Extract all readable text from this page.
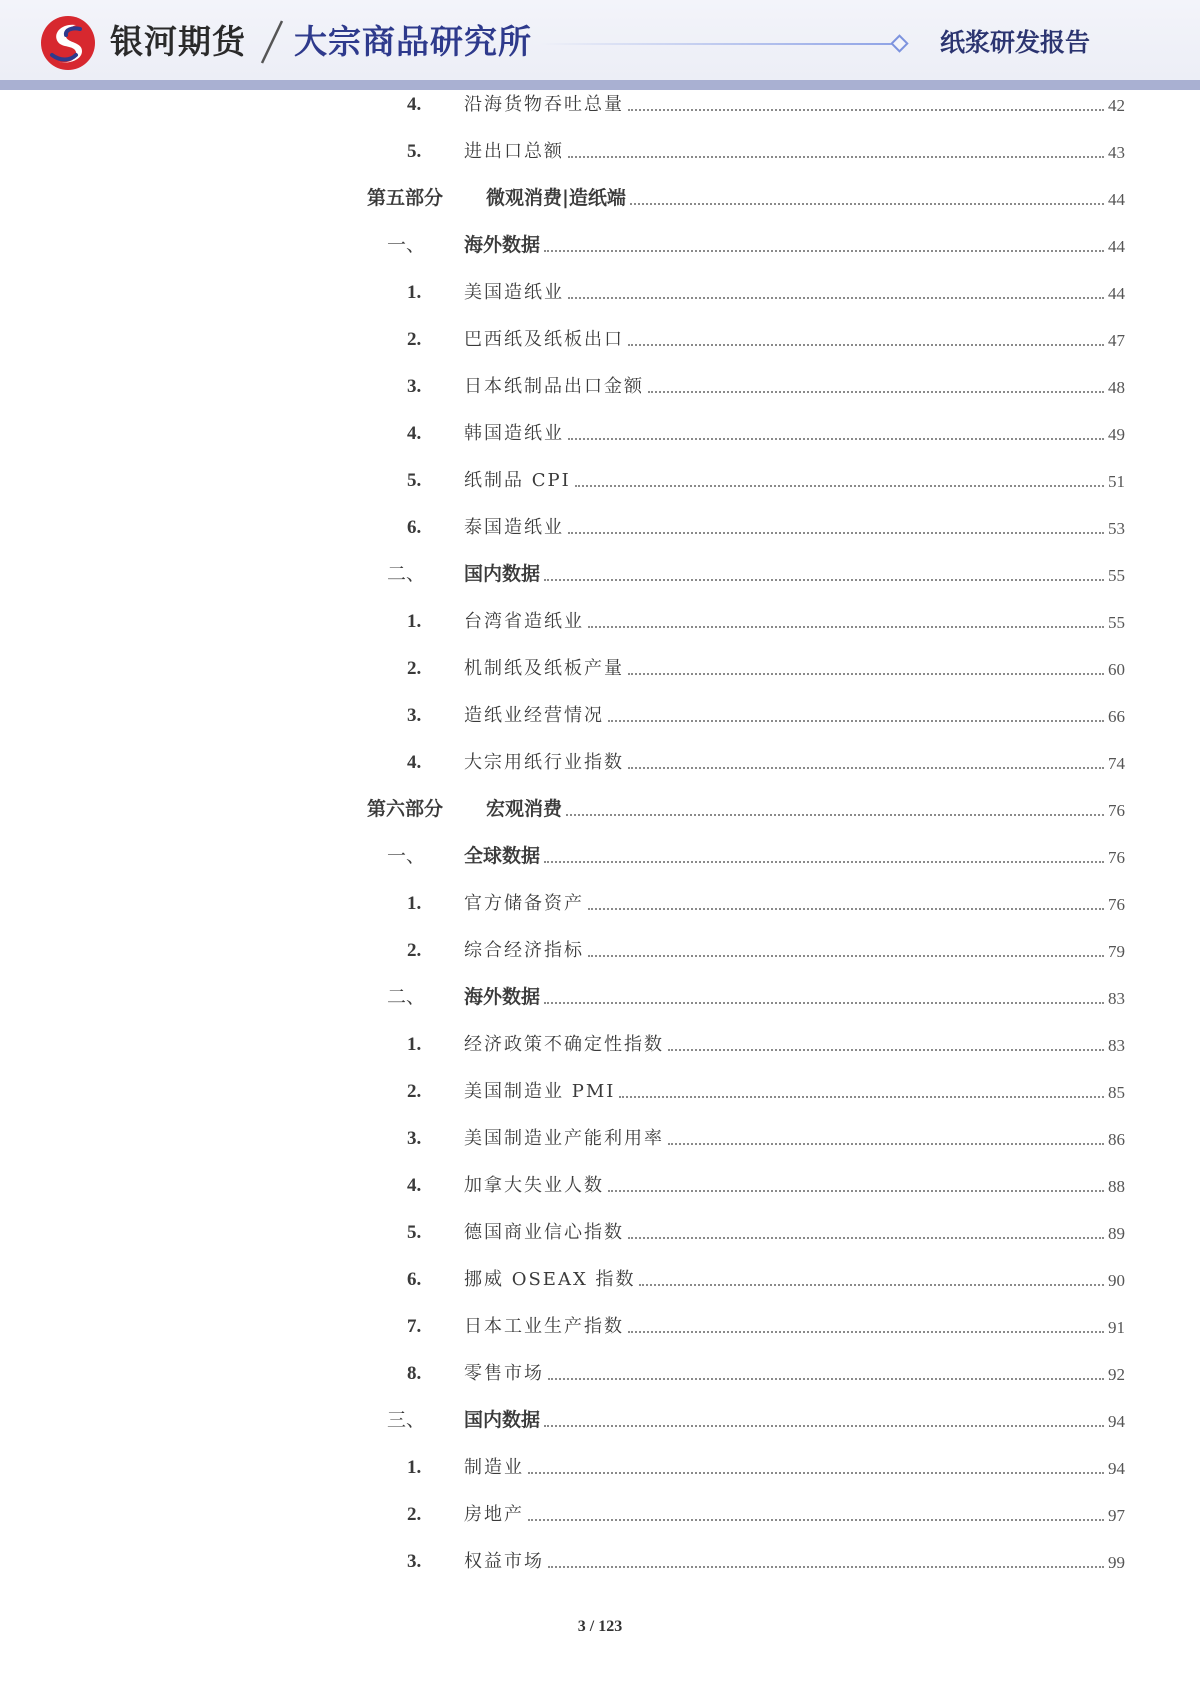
银河期货 大宗商品研究所	纸浆研发报告
4. 沿海货物吞吐总量	42
5. 进出口总额	43
第五部分 微观消费|造纸端	44
一、 海外数据	44
1. 美国造纸业	44
2. 巴西纸及纸板出口	47
3. 日本纸制品出口金额	48
4. 韩国造纸业	49
5. 纸制品 CPI	51
6. 泰国造纸业	53
二、 国内数据	55
1. 台湾省造纸业	55
2. 机制纸及纸板产量	60
3. 造纸业经营情况	66
4. 大宗用纸行业指数	74
第六部分 宏观消费	76
一、 全球数据	76
1. 官方储备资产	76
2. 综合经济指标	79
二、 海外数据	83
1. 经济政策不确定性指数	83
2. 美国制造业 PMI	85
3. 美国制造业产能利用率	86
4. 加拿大失业人数	88
5. 德国商业信心指数	89
6. 挪威 OSEAX 指数	90
7. 日本工业生产指数	91
8. 零售市场	92
三、 国内数据	94
1. 制造业	94
2. 房地产	97
3. 权益市场	99
3 / 123
